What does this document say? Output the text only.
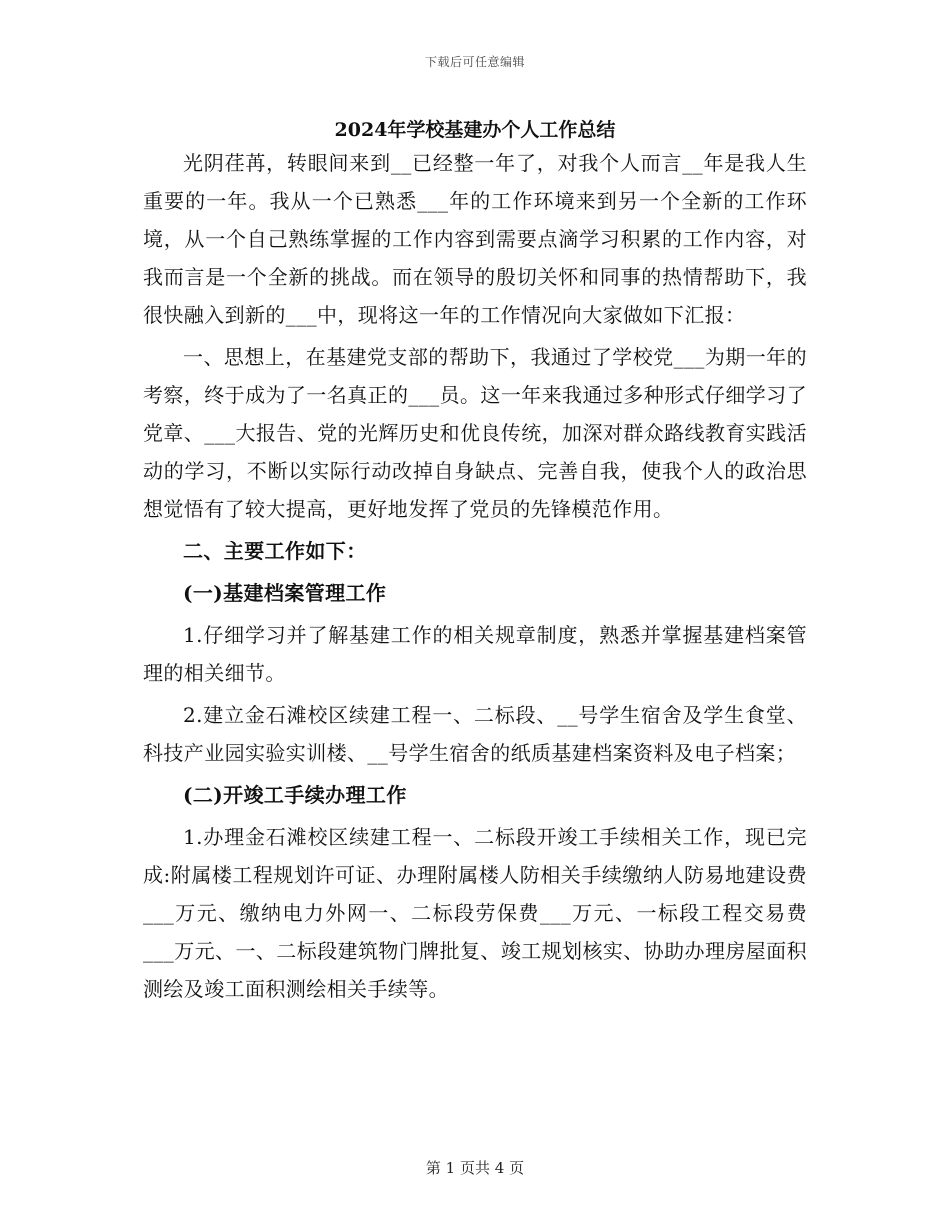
下载后可任意编辑
2024年学校基建办个人工作总结

光阴荏苒，转眼间来到__已经整一年了，对我个人而言__年是我人生重要的一年。我从一个已熟悉___年的工作环境来到另一个全新的工作环境，从一个自己熟练掌握的工作内容到需要点滴学习积累的工作内容，对我而言是一个全新的挑战。而在领导的殷切关怀和同事的热情帮助下，我很快融入到新的___中，现将这一年的工作情况向大家做如下汇报：

一、思想上，在基建党支部的帮助下，我通过了学校党___为期一年的考察，终于成为了一名真正的___员。这一年来我通过多种形式仔细学习了党章、___大报告、党的光辉历史和优良传统，加深对群众路线教育实践活动的学习，不断以实际行动改掉自身缺点、完善自我，使我个人的政治思想觉悟有了较大提高，更好地发挥了党员的先锋模范作用。

二、主要工作如下：
(一)基建档案管理工作

1.仔细学习并了解基建工作的相关规章制度，熟悉并掌握基建档案管理的相关细节。

2.建立金石滩校区续建工程一、二标段、__号学生宿舍及学生食堂、科技产业园实验实训楼、__号学生宿舍的纸质基建档案资料及电子档案；

(二)开竣工手续办理工作

1.办理金石滩校区续建工程一、二标段开竣工手续相关工作，现已完成:附属楼工程规划许可证、办理附属楼人防相关手续缴纳人防易地建设费___万元、缴纳电力外网一、二标段劳保费___万元、一标段工程交易费___万元、一、二标段建筑物门牌批复、竣工规划核实、协助办理房屋面积测绘及竣工面积测绘相关手续等。

第 1 页共 4 页
